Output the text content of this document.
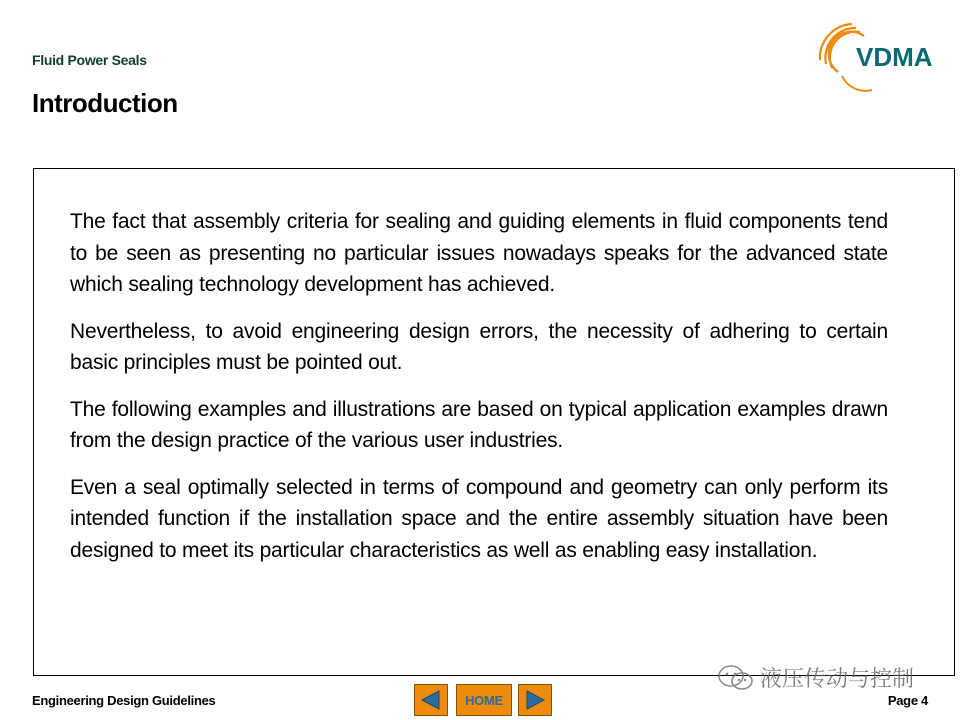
Fluid Power Seals
Introduction
VDMA

The fact that assembly criteria for sealing and guiding elements in fluid components tend to be seen as presenting no particular issues nowadays speaks for the advanced state which sealing technology development has achieved.

Nevertheless, to avoid engineering design errors, the necessity of adhering to certain basic principles must be pointed out.

The following examples and illustrations are based on typical application examples drawn from the design practice of the various user industries.

Even a seal optimally selected in terms of compound and geometry can only perform its intended function if the installation space and the entire assembly situation have been designed to meet its particular characteristics as well as enabling easy installation.

Engineering Design Guidelines	HOME	Page 4
液压传动与控制
